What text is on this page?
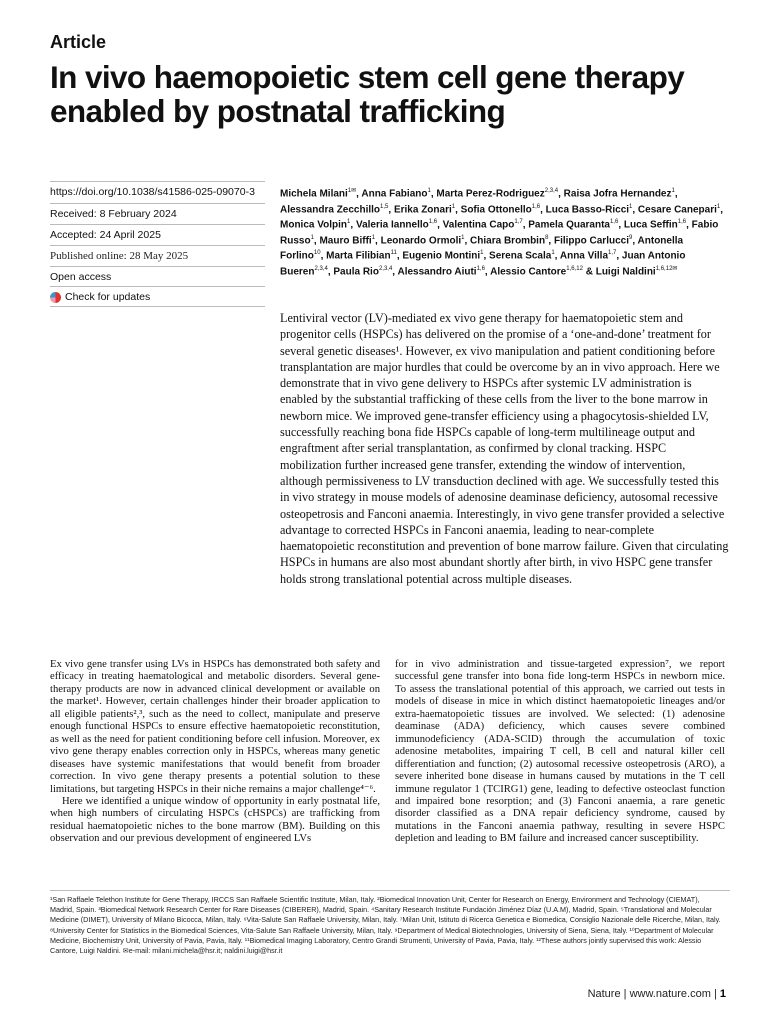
Article
In vivo haemopoietic stem cell gene therapy enabled by postnatal trafficking
https://doi.org/10.1038/s41586-025-09070-3
Received: 8 February 2024
Accepted: 24 April 2025
Published online: 28 May 2025
Open access
Check for updates
Michela Milani$^{1✉}$, Anna Fabiano$^1$, Marta Perez-Rodriguez$^{2,3,4}$, Raisa Jofra Hernandez$^1$, Alessandra Zecchillo$^{1,5}$, Erika Zonari$^1$, Sofia Ottonello$^{1,6}$, Luca Basso-Ricci$^1$, Cesare Canepari$^1$, Monica Volpin$^1$, Valeria Iannello$^{1,6}$, Valentina Capo$^{1,7}$, Pamela Quaranta$^{1,6}$, Luca Seffin$^{1,6}$, Fabio Russo$^1$, Mauro Biffi$^1$, Leonardo Ormoli$^1$, Chiara Brombin$^8$, Filippo Carlucci$^9$, Antonella Forlino$^{10}$, Marta Filibian$^{11}$, Eugenio Montini$^1$, Serena Scala$^1$, Anna Villa$^{1,7}$, Juan Antonio Bueren$^{2,3,4}$, Paula Rio$^{2,3,4}$, Alessandro Aiuti$^{1,6}$, Alessio Cantore$^{1,6,12}$ & Luigi Naldini$^{1,6,12✉}$

Lentiviral vector (LV)-mediated ex vivo gene therapy for haematopoietic stem and progenitor cells (HSPCs) has delivered on the promise of a ‘one-and-done’ treatment for several genetic diseases¹. However, ex vivo manipulation and patient conditioning before transplantation are major hurdles that could be overcome by an in vivo approach. Here we demonstrate that in vivo gene delivery to HSPCs after systemic LV administration is enabled by the substantial trafficking of these cells from the liver to the bone marrow in newborn mice. We improved gene-transfer efficiency using a phagocytosis-shielded LV, successfully reaching bona fide HSPCs capable of long-term multilineage output and engraftment after serial transplantation, as confirmed by clonal tracking. HSPC mobilization further increased gene transfer, extending the window of intervention, although permissiveness to LV transduction declined with age. We successfully tested this in vivo strategy in mouse models of adenosine deaminase deficiency, autosomal recessive osteopetrosis and Fanconi anaemia. Interestingly, in vivo gene transfer provided a selective advantage to corrected HSPCs in Fanconi anaemia, leading to near-complete haematopoietic reconstitution and prevention of bone marrow failure. Given that circulating HSPCs in humans are also most abundant shortly after birth, in vivo HSPC gene transfer holds strong translational potential across multiple diseases.

Ex vivo gene transfer using LVs in HSPCs has demonstrated both safety and efficacy in treating haematological and metabolic disorders. Several gene-therapy products are now in advanced clinical development or available on the market¹. However, certain challenges hinder their broader application to all eligible patients²,³, such as the need to collect, manipulate and preserve enough functional HSPCs to ensure effective haematopoietic reconstitution, as well as the need for patient conditioning before cell infusion. Moreover, ex vivo gene therapy enables correction only in HSPCs, whereas many genetic diseases have systemic manifestations that would benefit from broader correction. In vivo gene therapy presents a potential solution to these limitations, but targeting HSPCs in their niche remains a major challenge⁴⁻⁶.

Here we identified a unique window of opportunity in early postnatal life, when high numbers of circulating HSPCs (cHSPCs) are trafficking from residual haematopoietic niches to the bone marrow (BM). Building on this observation and our previous development of engineered LVs

for in vivo administration and tissue-targeted expression⁷, we report successful gene transfer into bona fide long-term HSPCs in newborn mice. To assess the translational potential of this approach, we carried out tests in models of disease in mice in which distinct haematopoietic lineages and/or extra-haematopoietic tissues are involved. We selected: (1) adenosine deaminase (ADA) deficiency, which causes severe combined immunodeficiency (ADA-SCID) through the accumulation of toxic adenosine metabolites, impairing T cell, B cell and natural killer cell differentiation and function; (2) autosomal recessive osteopetrosis (ARO), a severe inherited bone disease in humans caused by mutations in the T cell immune regulator 1 (TCIRG1) gene, leading to defective osteoclast function and impaired bone resorption; and (3) Fanconi anaemia, a rare genetic disorder classified as a DNA repair deficiency syndrome, caused by mutations in the Fanconi anaemia pathway, resulting in severe HSPC depletion and leading to BM failure and increased cancer susceptibility.

¹San Raffaele Telethon Institute for Gene Therapy, IRCCS San Raffaele Scientific Institute, Milan, Italy. ²Biomedical Innovation Unit, Center for Research on Energy, Environment and Technology (CIEMAT), Madrid, Spain. ³Biomedical Network Research Center for Rare Diseases (CIBERER), Madrid, Spain. ⁴Sanitary Research Institute Fundación Jiménez Díaz (U.A.M), Madrid, Spain. ⁵Translational and Molecular Medicine (DIMET), University of Milano Bicocca, Milan, Italy. ⁶Vita-Salute San Raffaele University, Milan, Italy. ⁷Milan Unit, Istituto di Ricerca Genetica e Biomedica, Consiglio Nazionale delle Ricerche, Milan, Italy. ⁸University Center for Statistics in the Biomedical Sciences, Vita-Salute San Raffaele University, Milan, Italy. ⁹Department of Medical Biotechnologies, University of Siena, Siena, Italy. ¹⁰Department of Molecular Medicine, Biochemistry Unit, University of Pavia, Pavia, Italy. ¹¹Biomedical Imaging Laboratory, Centro Grandi Strumenti, University of Pavia, Pavia, Italy. ¹²These authors jointly supervised this work: Alessio Cantore, Luigi Naldini. ✉e-mail: milani.michela@hsr.it; naldini.luigi@hsr.it
Nature | www.nature.com | 1
